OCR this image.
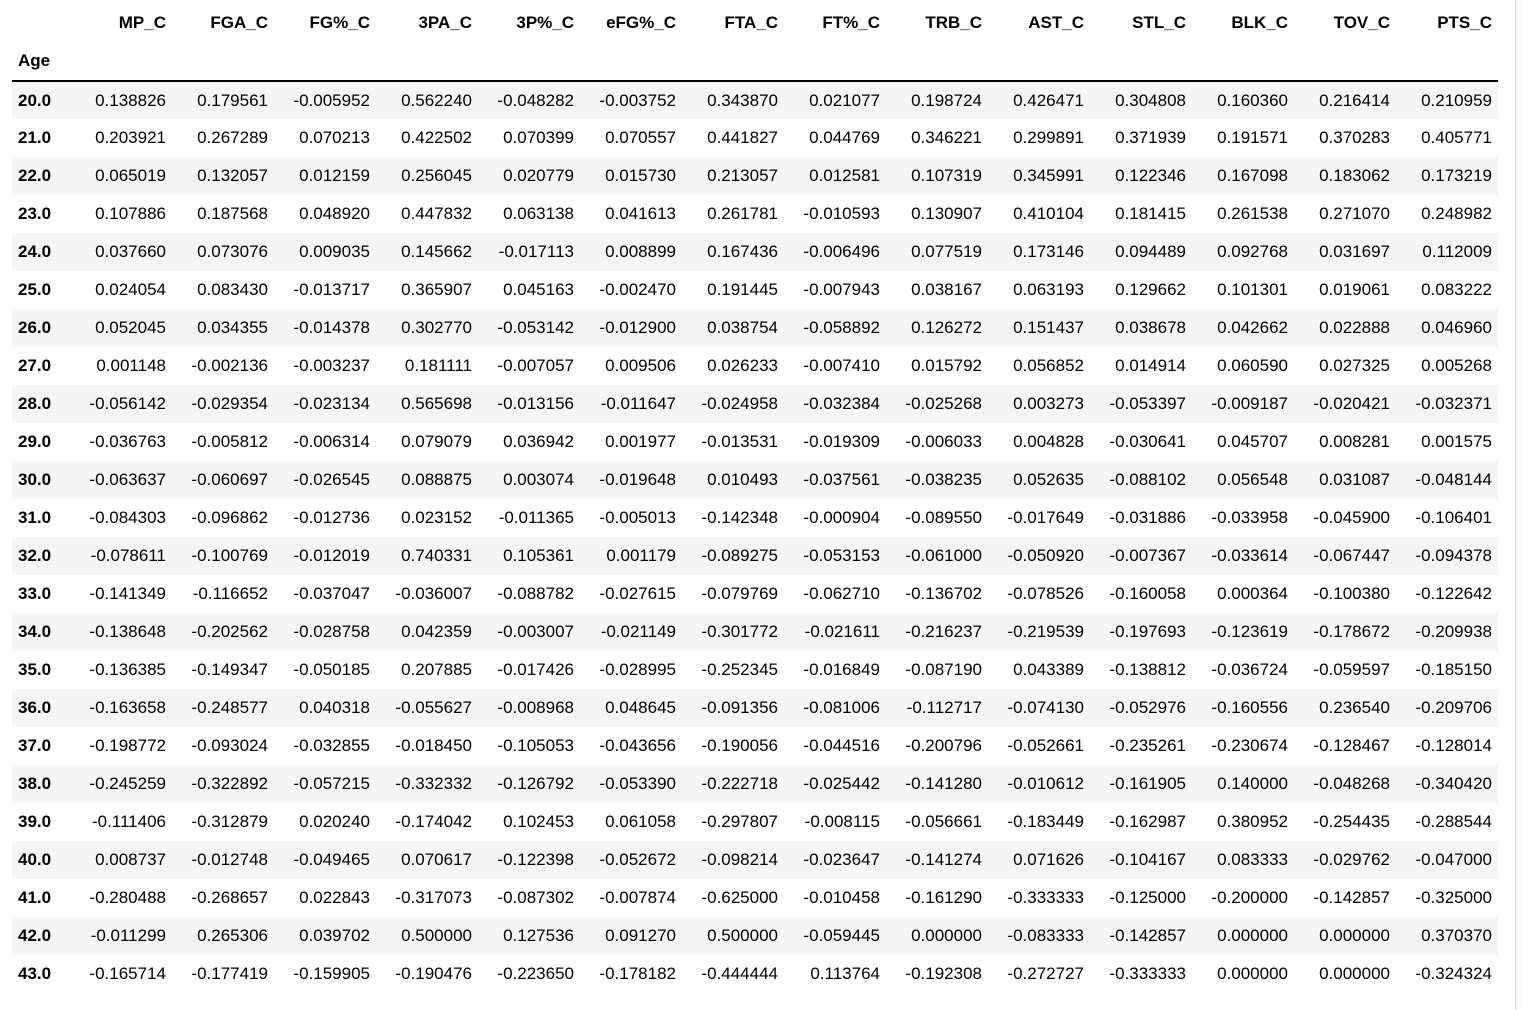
	MP_C	FGA_C	FG%_C	3PA_C	3P%_C	eFG%_C	FTA_C	FT%_C	TRB_C	AST_C	STL_C	BLK_C	TOV_C	PTS_C
Age														
20.0	0.138826	0.179561	-0.005952	0.562240	-0.048282	-0.003752	0.343870	0.021077	0.198724	0.426471	0.304808	0.160360	0.216414	0.210959
21.0	0.203921	0.267289	0.070213	0.422502	0.070399	0.070557	0.441827	0.044769	0.346221	0.299891	0.371939	0.191571	0.370283	0.405771
22.0	0.065019	0.132057	0.012159	0.256045	0.020779	0.015730	0.213057	0.012581	0.107319	0.345991	0.122346	0.167098	0.183062	0.173219
23.0	0.107886	0.187568	0.048920	0.447832	0.063138	0.041613	0.261781	-0.010593	0.130907	0.410104	0.181415	0.261538	0.271070	0.248982
24.0	0.037660	0.073076	0.009035	0.145662	-0.017113	0.008899	0.167436	-0.006496	0.077519	0.173146	0.094489	0.092768	0.031697	0.112009
25.0	0.024054	0.083430	-0.013717	0.365907	0.045163	-0.002470	0.191445	-0.007943	0.038167	0.063193	0.129662	0.101301	0.019061	0.083222
26.0	0.052045	0.034355	-0.014378	0.302770	-0.053142	-0.012900	0.038754	-0.058892	0.126272	0.151437	0.038678	0.042662	0.022888	0.046960
27.0	0.001148	-0.002136	-0.003237	0.181111	-0.007057	0.009506	0.026233	-0.007410	0.015792	0.056852	0.014914	0.060590	0.027325	0.005268
28.0	-0.056142	-0.029354	-0.023134	0.565698	-0.013156	-0.011647	-0.024958	-0.032384	-0.025268	0.003273	-0.053397	-0.009187	-0.020421	-0.032371
29.0	-0.036763	-0.005812	-0.006314	0.079079	0.036942	0.001977	-0.013531	-0.019309	-0.006033	0.004828	-0.030641	0.045707	0.008281	0.001575
30.0	-0.063637	-0.060697	-0.026545	0.088875	0.003074	-0.019648	0.010493	-0.037561	-0.038235	0.052635	-0.088102	0.056548	0.031087	-0.048144
31.0	-0.084303	-0.096862	-0.012736	0.023152	-0.011365	-0.005013	-0.142348	-0.000904	-0.089550	-0.017649	-0.031886	-0.033958	-0.045900	-0.106401
32.0	-0.078611	-0.100769	-0.012019	0.740331	0.105361	0.001179	-0.089275	-0.053153	-0.061000	-0.050920	-0.007367	-0.033614	-0.067447	-0.094378
33.0	-0.141349	-0.116652	-0.037047	-0.036007	-0.088782	-0.027615	-0.079769	-0.062710	-0.136702	-0.078526	-0.160058	0.000364	-0.100380	-0.122642
34.0	-0.138648	-0.202562	-0.028758	0.042359	-0.003007	-0.021149	-0.301772	-0.021611	-0.216237	-0.219539	-0.197693	-0.123619	-0.178672	-0.209938
35.0	-0.136385	-0.149347	-0.050185	0.207885	-0.017426	-0.028995	-0.252345	-0.016849	-0.087190	0.043389	-0.138812	-0.036724	-0.059597	-0.185150
36.0	-0.163658	-0.248577	0.040318	-0.055627	-0.008968	0.048645	-0.091356	-0.081006	-0.112717	-0.074130	-0.052976	-0.160556	0.236540	-0.209706
37.0	-0.198772	-0.093024	-0.032855	-0.018450	-0.105053	-0.043656	-0.190056	-0.044516	-0.200796	-0.052661	-0.235261	-0.230674	-0.128467	-0.128014
38.0	-0.245259	-0.322892	-0.057215	-0.332332	-0.126792	-0.053390	-0.222718	-0.025442	-0.141280	-0.010612	-0.161905	0.140000	-0.048268	-0.340420
39.0	-0.111406	-0.312879	0.020240	-0.174042	0.102453	0.061058	-0.297807	-0.008115	-0.056661	-0.183449	-0.162987	0.380952	-0.254435	-0.288544
40.0	0.008737	-0.012748	-0.049465	0.070617	-0.122398	-0.052672	-0.098214	-0.023647	-0.141274	0.071626	-0.104167	0.083333	-0.029762	-0.047000
41.0	-0.280488	-0.268657	0.022843	-0.317073	-0.087302	-0.007874	-0.625000	-0.010458	-0.161290	-0.333333	-0.125000	-0.200000	-0.142857	-0.325000
42.0	-0.011299	0.265306	0.039702	0.500000	0.127536	0.091270	0.500000	-0.059445	0.000000	-0.083333	-0.142857	0.000000	0.000000	0.370370
43.0	-0.165714	-0.177419	-0.159905	-0.190476	-0.223650	-0.178182	-0.444444	0.113764	-0.192308	-0.272727	-0.333333	0.000000	0.000000	-0.324324
